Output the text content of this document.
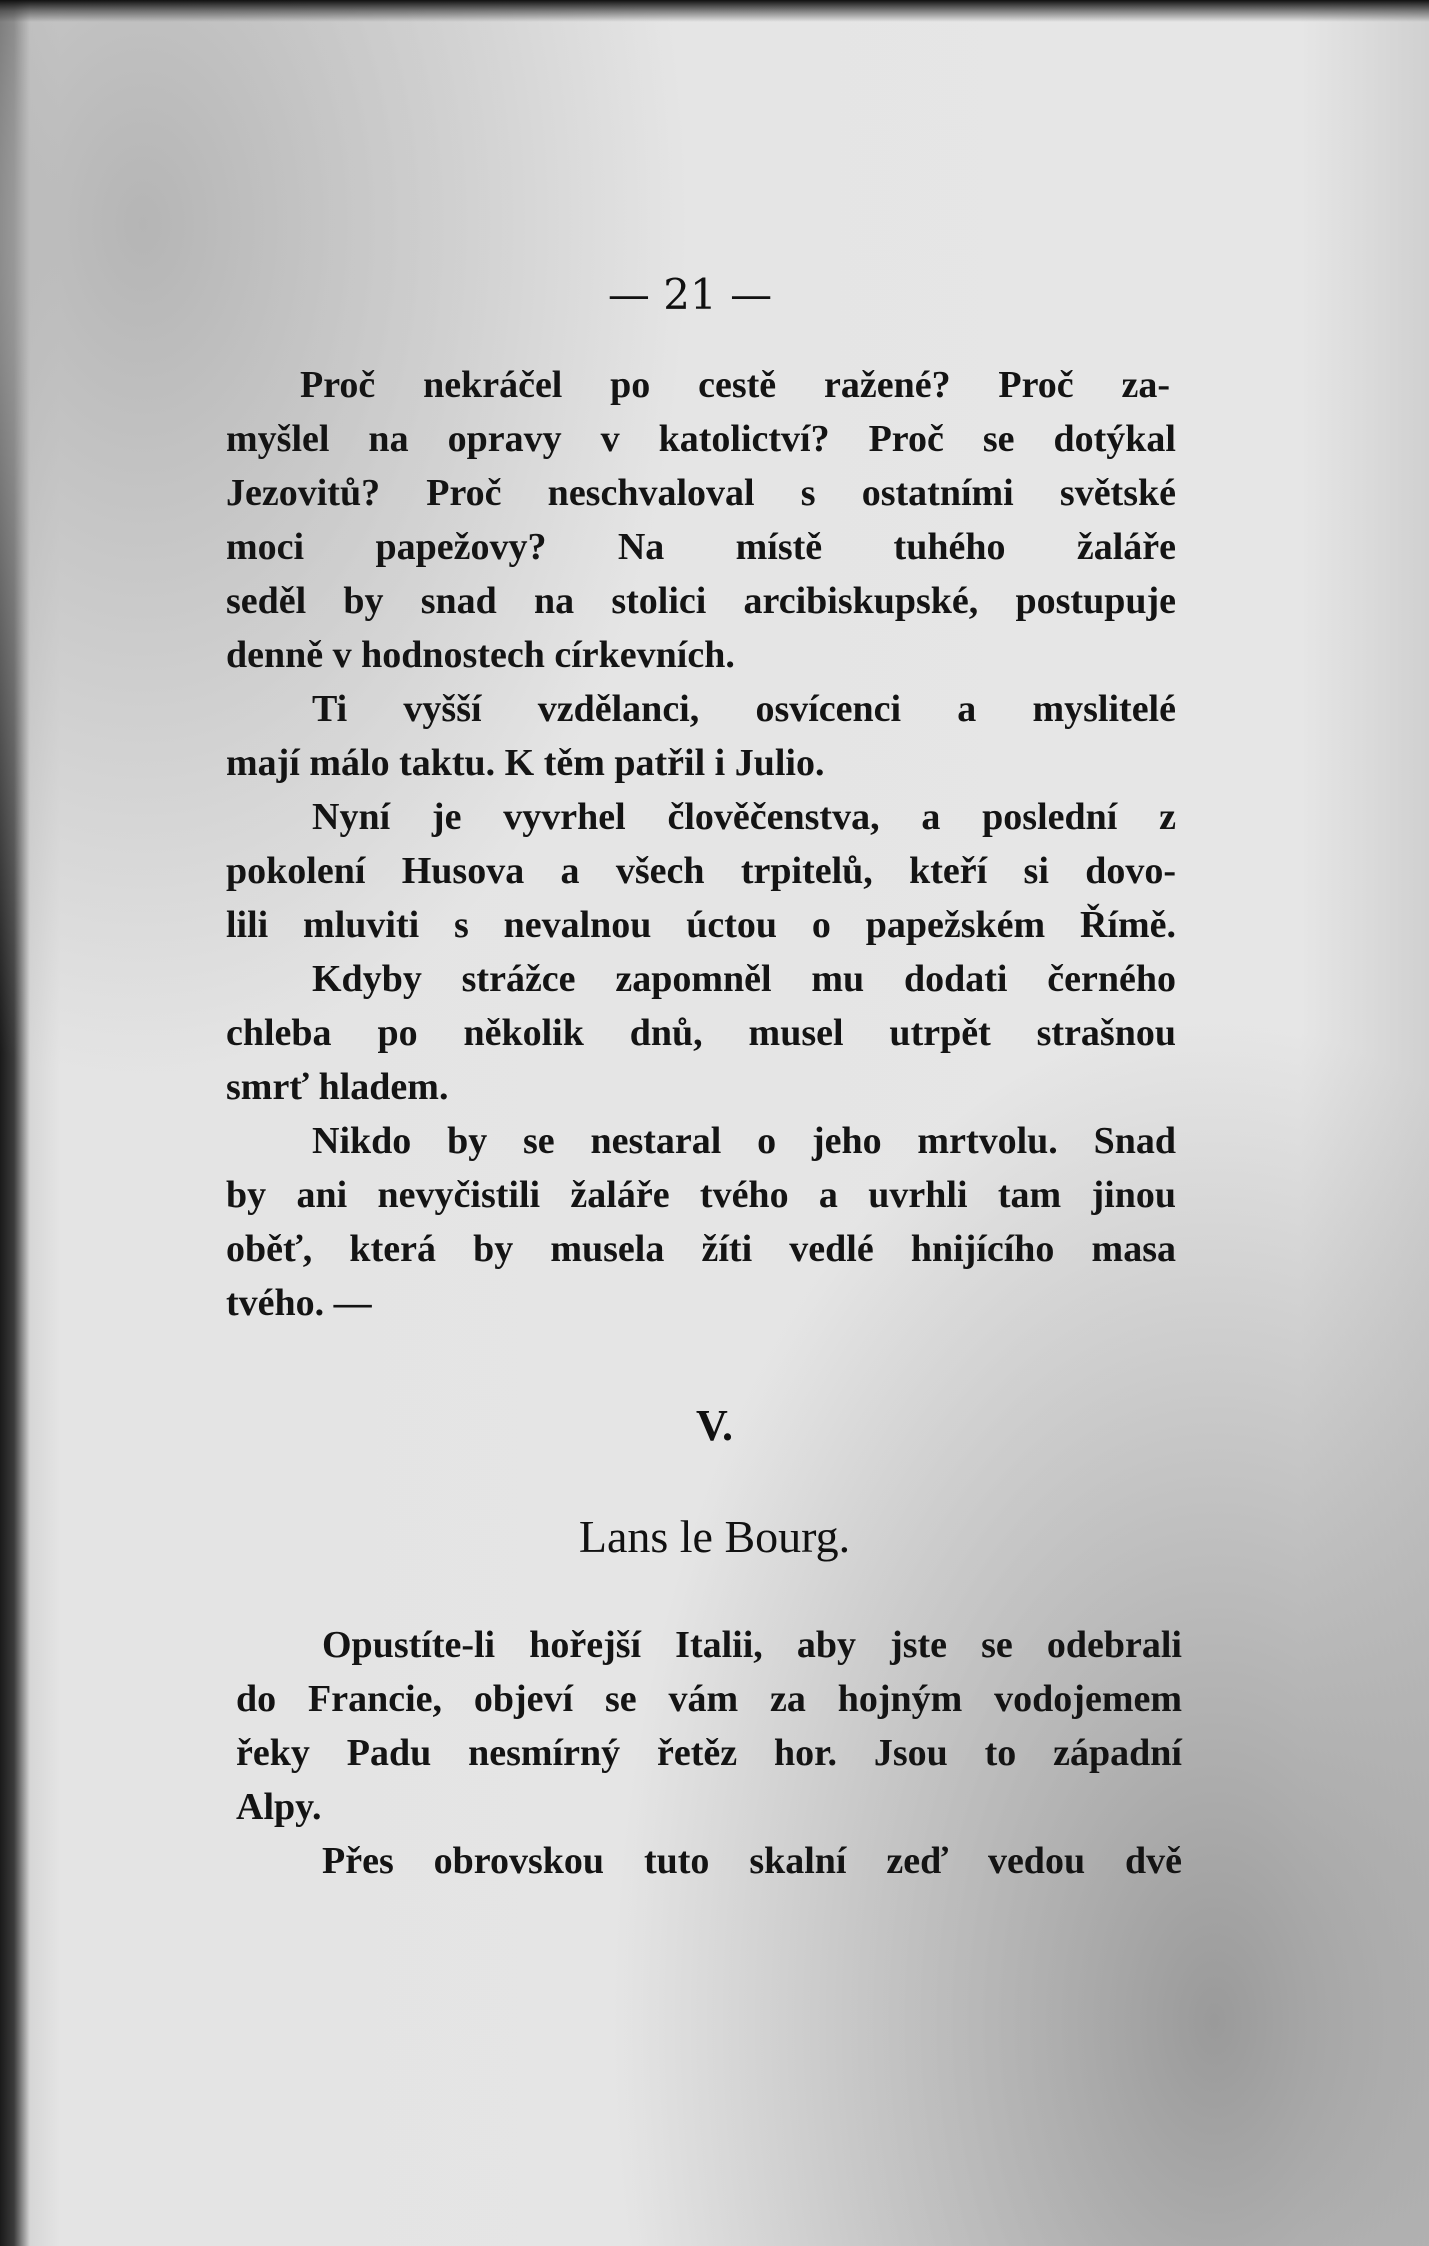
— 21 —
Proč nekráčel po cestě ražené? Proč za-
myšlel na opravy v katolictví? Proč se dotýkal
Jezovitů? Proč neschvaloval s ostatními světské
moci papežovy? Na místě tuhého žaláře
seděl by snad na stolici arcibiskupské, postupuje
denně v hodnostech církevních.
Ti vyšší vzdělanci, osvícenci a myslitelé
mají málo taktu. K těm patřil i Julio.
Nyní je vyvrhel člověčenstva, a poslední z
pokolení Husova a všech trpitelů, kteří si dovo-
lili mluviti s nevalnou úctou o papežském Římě.
Kdyby strážce zapomněl mu dodati černého
chleba po několik dnů, musel utrpět strašnou
smrť hladem.
Nikdo by se nestaral o jeho mrtvolu. Snad
by ani nevyčistili žaláře tvého a uvrhli tam jinou
oběť, která by musela žíti vedlé hnijícího masa
tvého. —
V.
Lans le Bourg.
Opustíte-li hořejší Italii, aby jste se odebrali
do Francie, objeví se vám za hojným vodojemem
řeky Padu nesmírný řetěz hor. Jsou to západní
Alpy.
Přes obrovskou tuto skalní zeď vedou dvě
